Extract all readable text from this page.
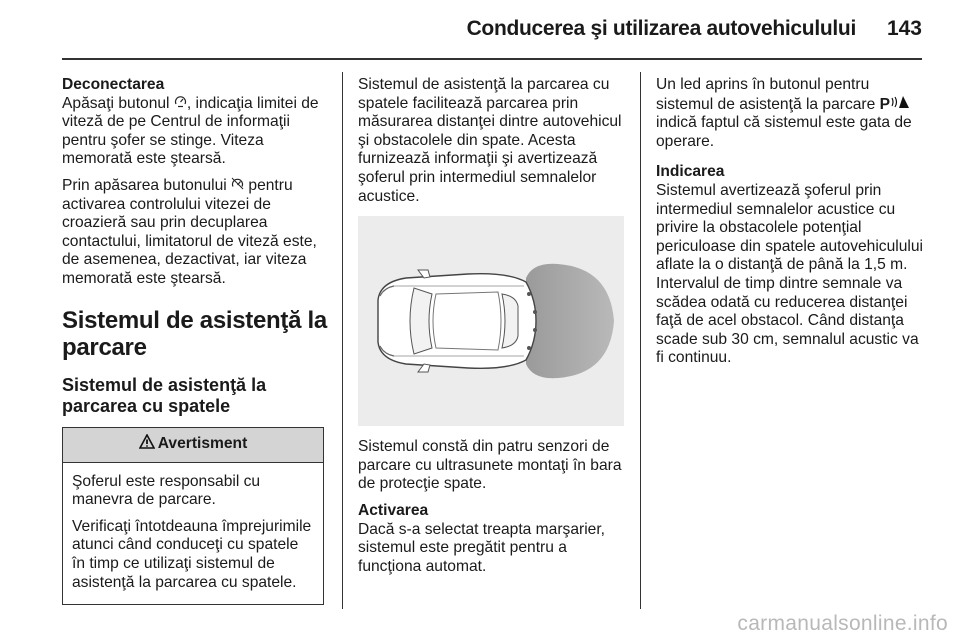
Conducerea şi utilizarea autovehiculului 143

Deconectarea

Apăsaţi butonul , indicaţia limitei de viteză de pe Centrul de informaţii pentru şofer se stinge. Viteza memorată este ştearsă.

Prin apăsarea butonului  pentru activarea controlului vitezei de croazieră sau prin decuplarea contactului, limitatorul de viteză este, de asemenea, dezactivat, iar viteza memorată este ştearsă.

Sistemul de asistenţă la parcare
Sistemul de asistenţă la parcarea cu spatele
Avertisment

Şoferul este responsabil cu manevra de parcare.

Verificaţi întotdeauna împrejurimile atunci când conduceţi cu spatele în timp ce utilizaţi sistemul de asistenţă la parcarea cu spatele.

Sistemul de asistenţă la parcarea cu spatele facilitează parcarea prin măsurarea distanţei dintre autovehicul şi obstacolele din spate. Acesta furnizează informaţii şi avertizează şoferul prin intermediul semnalelor acustice.

Sistemul constă din patru senzori de parcare cu ultrasunete montaţi în bara de protecţie spate.

Activarea

Dacă s-a selectat treapta marşarier, sistemul este pregătit pentru a funcţiona automat.

Un led aprins în butonul pentru sistemul de asistenţă la parcare P indică faptul că sistemul este gata de operare.

Indicarea

Sistemul avertizează şoferul prin intermediul semnalelor acustice cu privire la obstacolele potenţial periculoase din spatele autovehiculului aflate la o distanţă de până la 1,5 m. Intervalul de timp dintre semnale va scădea odată cu reducerea distanţei faţă de acel obstacol. Când distanţa scade sub 30 cm, semnalul acustic va fi continuu.

carmanualsonline.info
